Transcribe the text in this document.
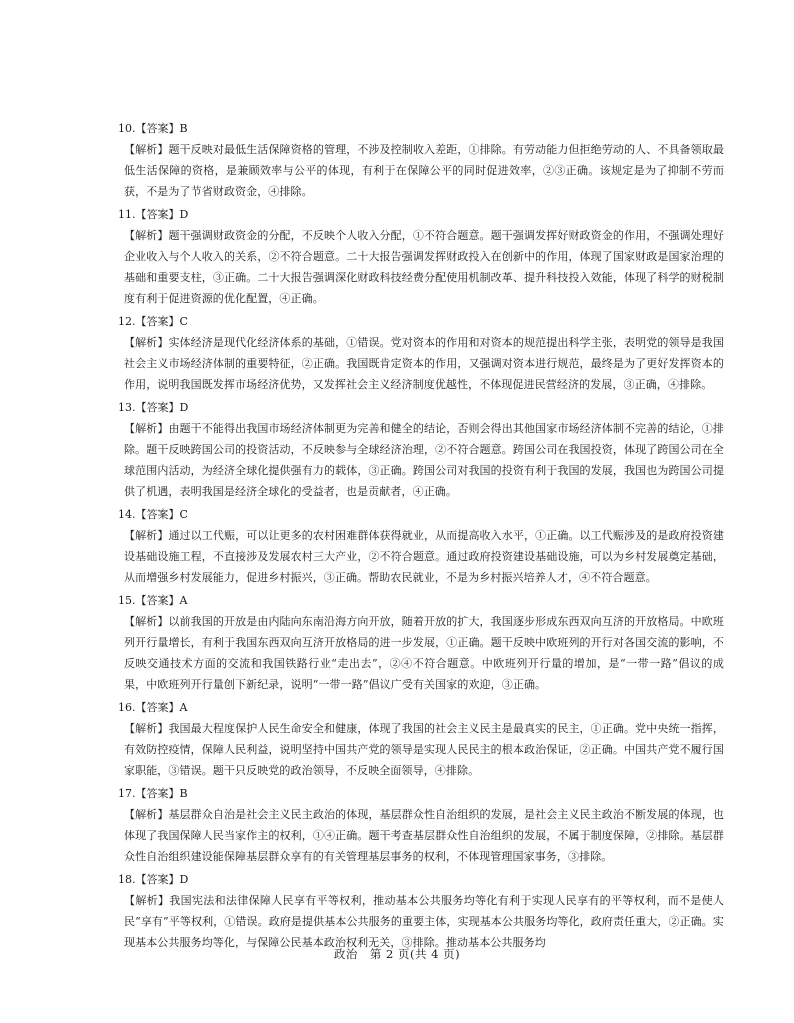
10.【答案】B
【解析】题干反映对最低生活保障资格的管理，不涉及控制收入差距，①排除。有劳动能力但拒绝劳动的人、不具备领取最低生活保障的资格，是兼顾效率与公平的体现，有利于在保障公平的同时促进效率，②③正确。该规定是为了抑制不劳而获，不是为了节省财政资金，④排除。
11.【答案】D
【解析】题干强调财政资金的分配，不反映个人收入分配，①不符合题意。题干强调发挥好财政资金的作用，不强调处理好企业收入与个人收入的关系，②不符合题意。二十大报告强调发挥财政投入在创新中的作用，体现了国家财政是国家治理的基础和重要支柱，③正确。二十大报告强调深化财政科技经费分配使用机制改革、提升科技投入效能，体现了科学的财税制度有利于促进资源的优化配置，④正确。
12.【答案】C
【解析】实体经济是现代化经济体系的基础，①错误。党对资本的作用和对资本的规范提出科学主张，表明党的领导是我国社会主义市场经济体制的重要特征，②正确。我国既肯定资本的作用，又强调对资本进行规范，最终是为了更好发挥资本的作用，说明我国既发挥市场经济优势，又发挥社会主义经济制度优越性，不体现促进民营经济的发展，③正确，④排除。
13.【答案】D
【解析】由题干不能得出我国市场经济体制更为完善和健全的结论，否则会得出其他国家市场经济体制不完善的结论，①排除。题干反映跨国公司的投资活动，不反映参与全球经济治理，②不符合题意。跨国公司在我国投资，体现了跨国公司在全球范围内活动，为经济全球化提供强有力的载体，③正确。跨国公司对我国的投资有利于我国的发展，我国也为跨国公司提供了机遇，表明我国是经济全球化的受益者，也是贡献者，④正确。
14.【答案】C
【解析】通过以工代赈，可以让更多的农村困难群体获得就业，从而提高收入水平，①正确。以工代赈涉及的是政府投资建设基础设施工程，不直接涉及发展农村三大产业，②不符合题意。通过政府投资建设基础设施，可以为乡村发展奠定基础，从而增强乡村发展能力，促进乡村振兴，③正确。帮助农民就业，不是为乡村振兴培养人才，④不符合题意。
15.【答案】A
【解析】以前我国的开放是由内陆向东南沿海方向开放，随着开放的扩大，我国逐步形成东西双向互济的开放格局。中欧班列开行量增长，有利于我国东西双向互济开放格局的进一步发展，①正确。题干反映中欧班列的开行对各国交流的影响，不反映交通技术方面的交流和我国铁路行业“走出去”，②④不符合题意。中欧班列开行量的增加，是“一带一路”倡议的成果，中欧班列开行量创下新纪录，说明“一带一路”倡议广受有关国家的欢迎，③正确。
16.【答案】A
【解析】我国最大程度保护人民生命安全和健康，体现了我国的社会主义民主是最真实的民主，①正确。党中央统一指挥，有效防控疫情，保障人民利益，说明坚持中国共产党的领导是实现人民民主的根本政治保证，②正确。中国共产党不履行国家职能，③错误。题干只反映党的政治领导，不反映全面领导，④排除。
17.【答案】B
【解析】基层群众自治是社会主义民主政治的体现，基层群众性自治组织的发展，是社会主义民主政治不断发展的体现，也体现了我国保障人民当家作主的权利，①④正确。题干考查基层群众性自治组织的发展，不属于制度保障，②排除。基层群众性自治组织建设能保障基层群众享有的有关管理基层事务的权利，不体现管理国家事务，③排除。
18.【答案】D
【解析】我国宪法和法律保障人民享有平等权利，推动基本公共服务均等化有利于实现人民享有的平等权利，而不是使人民“享有”平等权利，①错误。政府是提供基本公共服务的重要主体，实现基本公共服务均等化，政府责任重大，②正确。实现基本公共服务均等化，与保障公民基本政治权利无关，③排除。推动基本公共服务均
政治　第 2 页(共 4 页)
